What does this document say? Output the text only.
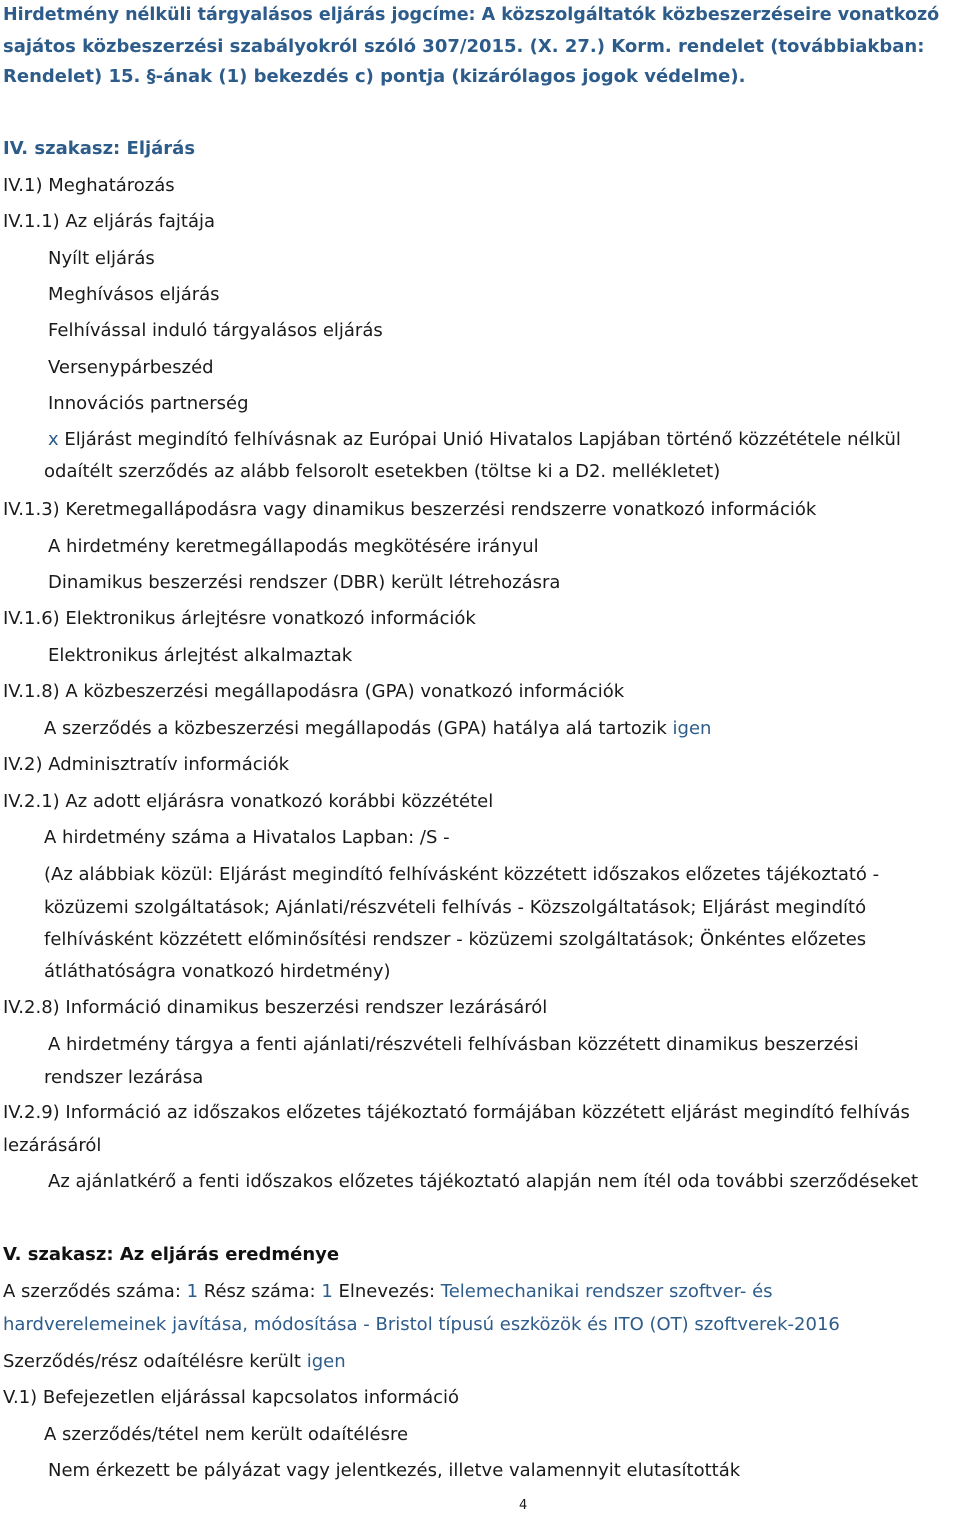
Hirdetmény nélküli tárgyalásos eljárás jogcíme: A közszolgáltatók közbeszerzéseire vonatkozó
sajátos közbeszerzési szabályokról szóló 307/2015. (X. 27.) Korm. rendelet (továbbiakban:
Rendelet) 15. §-ának (1) bekezdés c) pontja (kizárólagos jogok védelme).
IV. szakasz: Eljárás
IV.1) Meghatározás
IV.1.1) Az eljárás fajtája
Nyílt eljárás
Meghívásos eljárás
Felhívással induló tárgyalásos eljárás
Versenypárbeszéd
Innovációs partnerség
x Eljárást megindító felhívásnak az Európai Unió Hivatalos Lapjában történő közzététele nélkül
odaítélt szerződés az alább felsorolt esetekben (töltse ki a D2. mellékletet)
IV.1.3) Keretmegallápodásra vagy dinamikus beszerzési rendszerre vonatkozó információk
A hirdetmény keretmegállapodás megkötésére irányul
Dinamikus beszerzési rendszer (DBR) került létrehozásra
IV.1.6) Elektronikus árlejtésre vonatkozó információk
Elektronikus árlejtést alkalmaztak
IV.1.8) A közbeszerzési megállapodásra (GPA) vonatkozó információk
A szerződés a közbeszerzési megállapodás (GPA) hatálya alá tartozik igen
IV.2) Adminisztratív információk
IV.2.1) Az adott eljárásra vonatkozó korábbi közzététel
A hirdetmény száma a Hivatalos Lapban: /S -
(Az alábbiak közül: Eljárást megindító felhívásként közzétett időszakos előzetes tájékoztató -
közüzemi szolgáltatások; Ajánlati/részvételi felhívás - Közszolgáltatások; Eljárást megindító
felhívásként közzétett előminősítési rendszer - közüzemi szolgáltatások; Önkéntes előzetes
átláthatóságra vonatkozó hirdetmény)
IV.2.8) Információ dinamikus beszerzési rendszer lezárásáról
A hirdetmény tárgya a fenti ajánlati/részvételi felhívásban közzétett dinamikus beszerzési
rendszer lezárása
IV.2.9) Információ az időszakos előzetes tájékoztató formájában közzétett eljárást megindító felhívás
lezárásáról
Az ajánlatkérő a fenti időszakos előzetes tájékoztató alapján nem ítél oda további szerződéseket
V. szakasz: Az eljárás eredménye
A szerződés száma: 1 Rész száma: 1 Elnevezés: Telemechanikai rendszer szoftver- és
hardverelemeinek javítása, módosítása - Bristol típusú eszközök és ITO (OT) szoftverek-2016
Szerződés/rész odaítélésre került igen
V.1) Befejezetlen eljárással kapcsolatos információ
A szerződés/tétel nem került odaítélésre
Nem érkezett be pályázat vagy jelentkezés, illetve valamennyit elutasították
4
